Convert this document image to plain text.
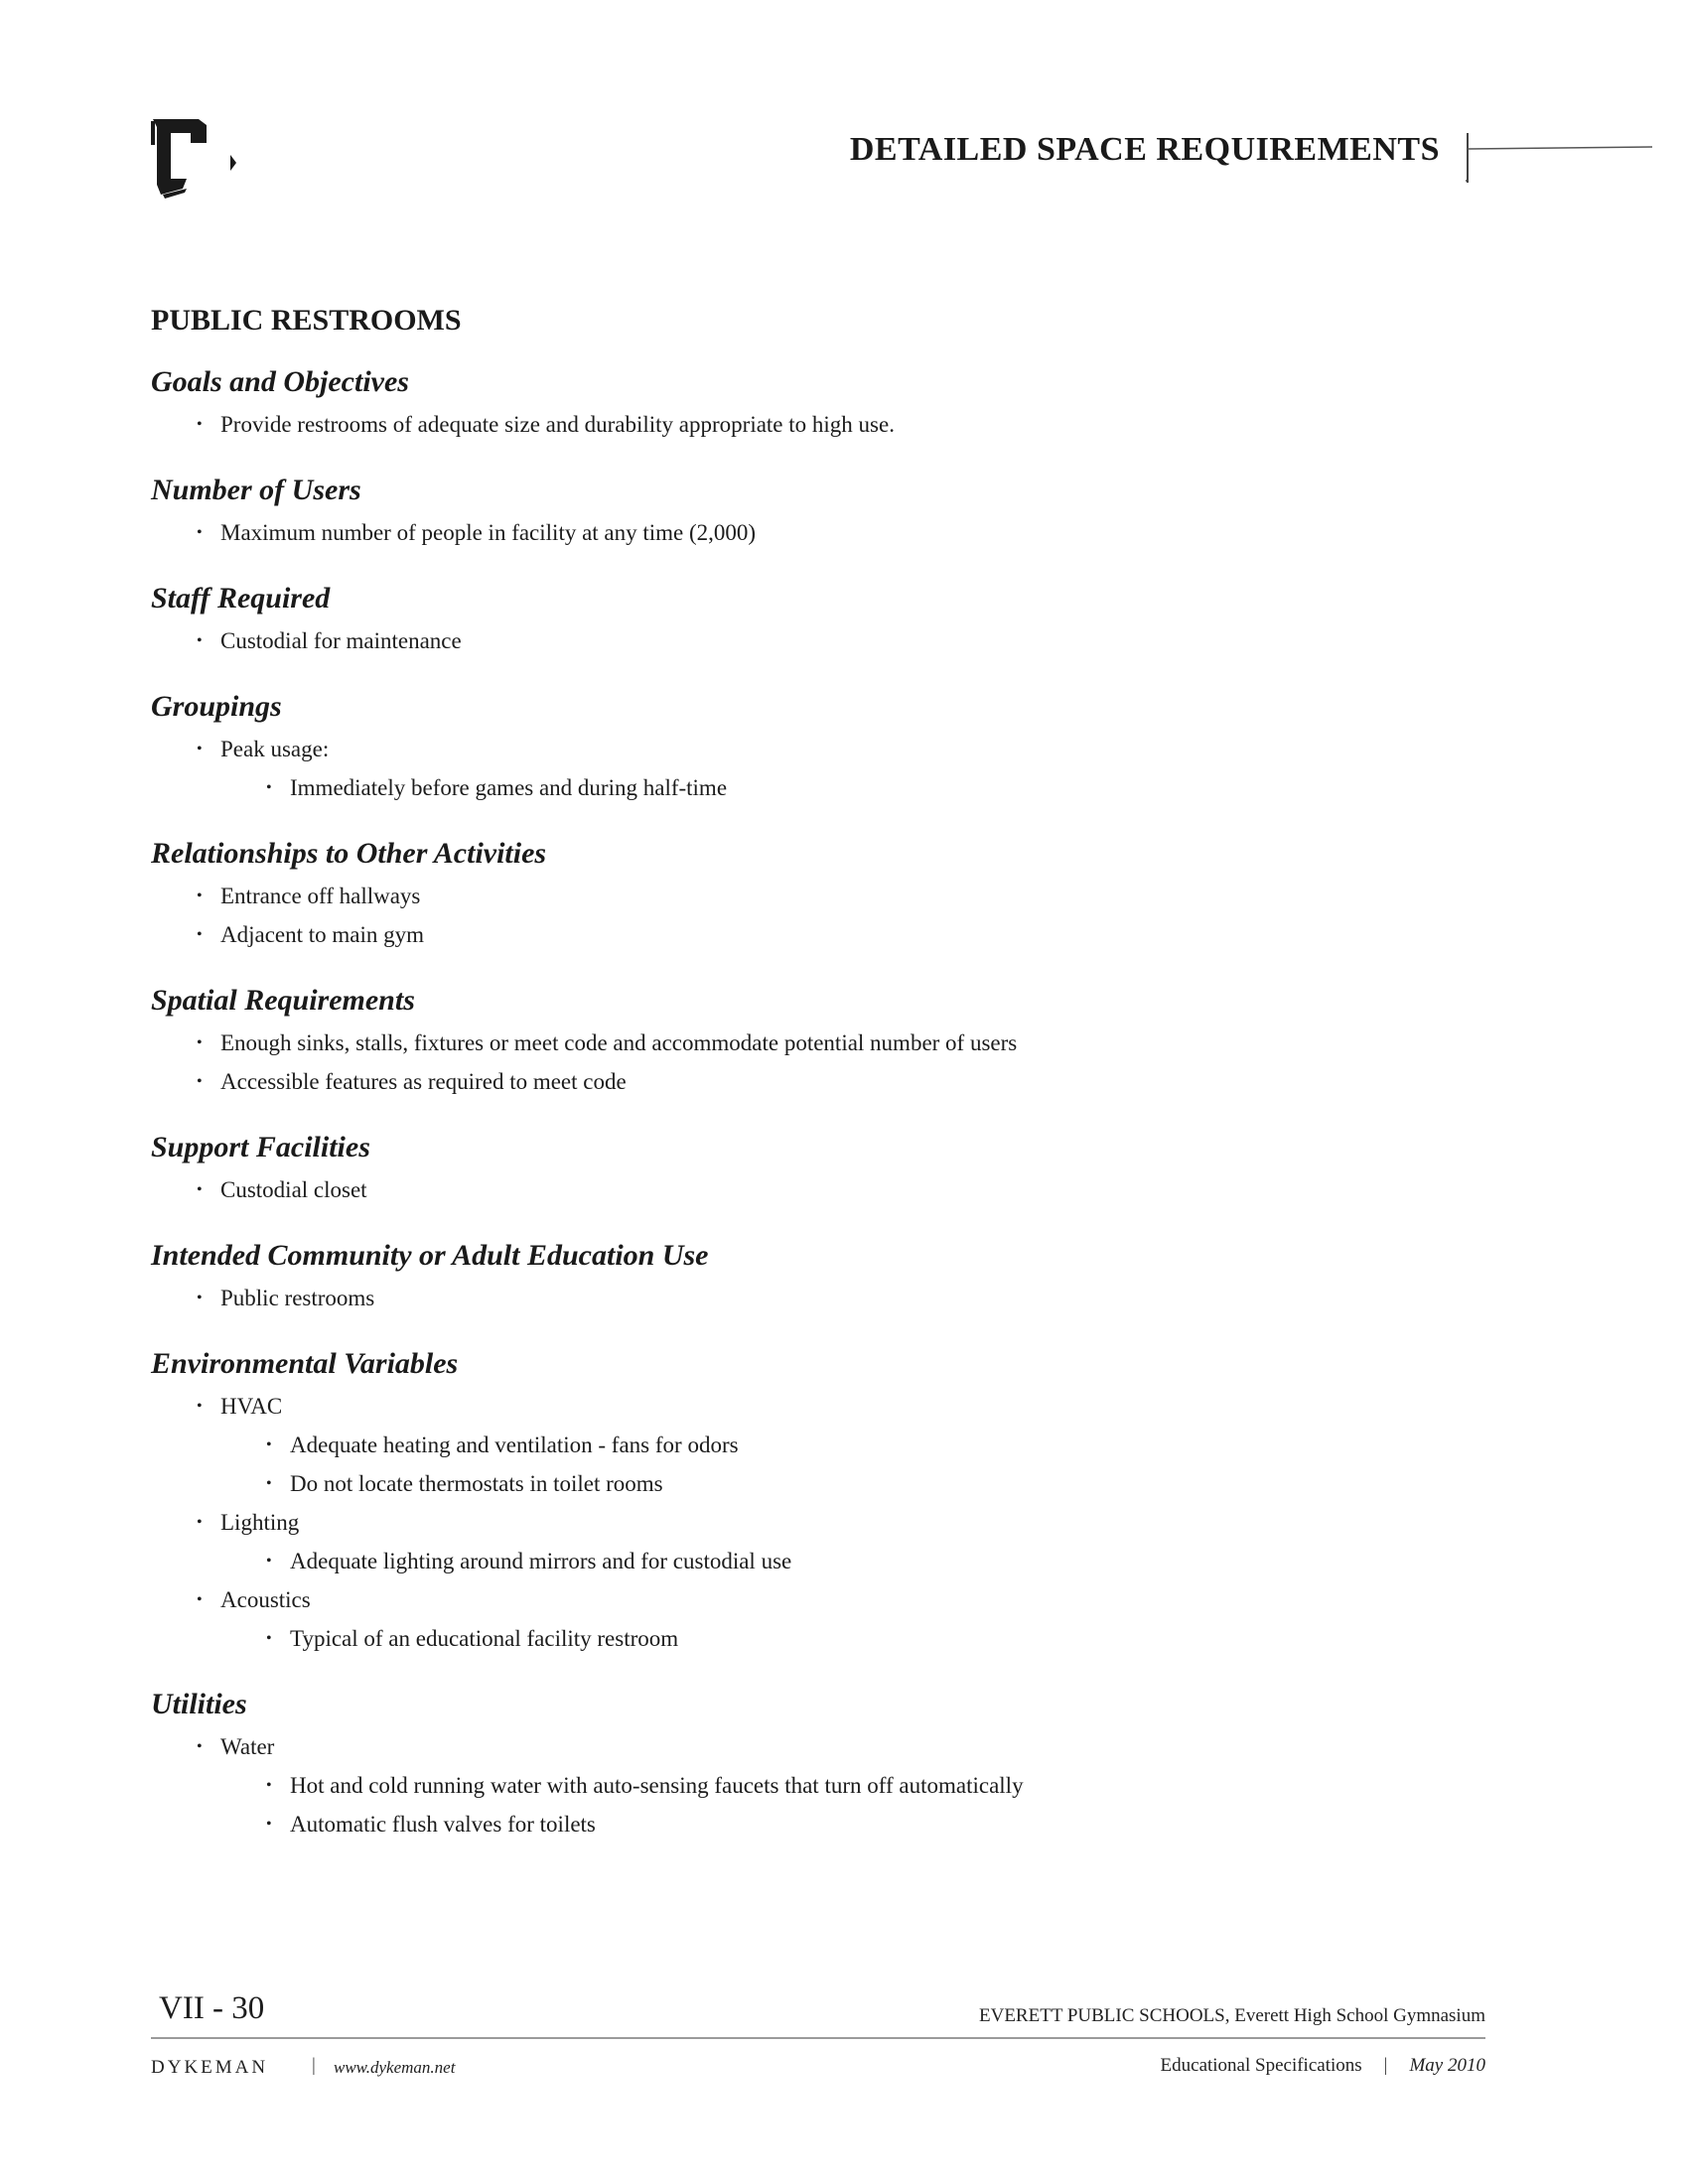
DETAILED SPACE REQUIREMENTS
PUBLIC RESTROOMS
Goals and Objectives
• Provide restrooms of adequate size and durability appropriate to high use.
Number of Users
• Maximum number of people in facility at any time (2,000)
Staff Required
• Custodial for maintenance
Groupings
• Peak usage:
• Immediately before games and during half-time
Relationships to Other Activities
• Entrance off hallways
• Adjacent to main gym
Spatial Requirements
• Enough sinks, stalls, fixtures or meet code and accommodate potential number of users
• Accessible features as required to meet code
Support Facilities
• Custodial closet
Intended Community or Adult Education Use
• Public restrooms
Environmental Variables
• HVAC
• Adequate heating and ventilation - fans for odors
• Do not locate thermostats in toilet rooms
• Lighting
• Adequate lighting around mirrors and for custodial use
• Acoustics
• Typical of an educational facility restroom
Utilities
• Water
• Hot and cold running water with auto-sensing faucets that turn off automatically
• Automatic flush valves for toilets
VII - 30	EVERETT PUBLIC SCHOOLS, Everett High School Gymnasium
DYKEMAN | www.dykeman.net	Educational Specifications | May 2010
